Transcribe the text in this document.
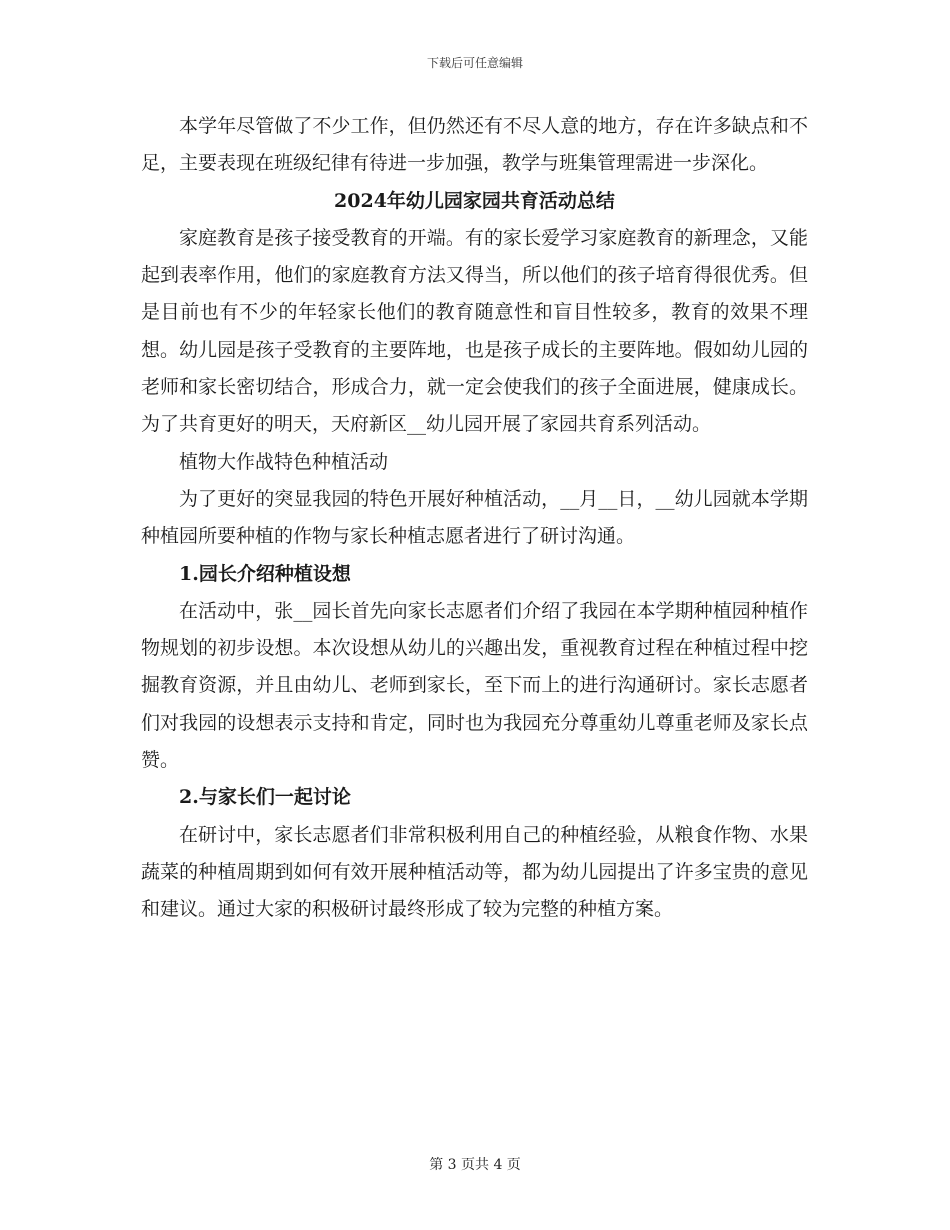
下载后可任意编辑

本学年尽管做了不少工作，但仍然还有不尽人意的地方，存在许多缺点和不足，主要表现在班级纪律有待进一步加强，教学与班集管理需进一步深化。

2024年幼儿园家园共育活动总结

家庭教育是孩子接受教育的开端。有的家长爱学习家庭教育的新理念，又能起到表率作用，他们的家庭教育方法又得当，所以他们的孩子培育得很优秀。但是目前也有不少的年轻家长他们的教育随意性和盲目性较多，教育的效果不理想。幼儿园是孩子受教育的主要阵地，也是孩子成长的主要阵地。假如幼儿园的老师和家长密切结合，形成合力，就一定会使我们的孩子全面进展，健康成长。为了共育更好的明天，天府新区__幼儿园开展了家园共育系列活动。

植物大作战特色种植活动

为了更好的突显我园的特色开展好种植活动，__月__日，__幼儿园就本学期种植园所要种植的作物与家长种植志愿者进行了研讨沟通。

1.园长介绍种植设想

在活动中，张__园长首先向家长志愿者们介绍了我园在本学期种植园种植作物规划的初步设想。本次设想从幼儿的兴趣出发，重视教育过程在种植过程中挖掘教育资源，并且由幼儿、老师到家长，至下而上的进行沟通研讨。家长志愿者们对我园的设想表示支持和肯定，同时也为我园充分尊重幼儿尊重老师及家长点赞。

2.与家长们一起讨论

在研讨中，家长志愿者们非常积极利用自己的种植经验，从粮食作物、水果蔬菜的种植周期到如何有效开展种植活动等，都为幼儿园提出了许多宝贵的意见和建议。通过大家的积极研讨最终形成了较为完整的种植方案。

第 3 页共 4 页
